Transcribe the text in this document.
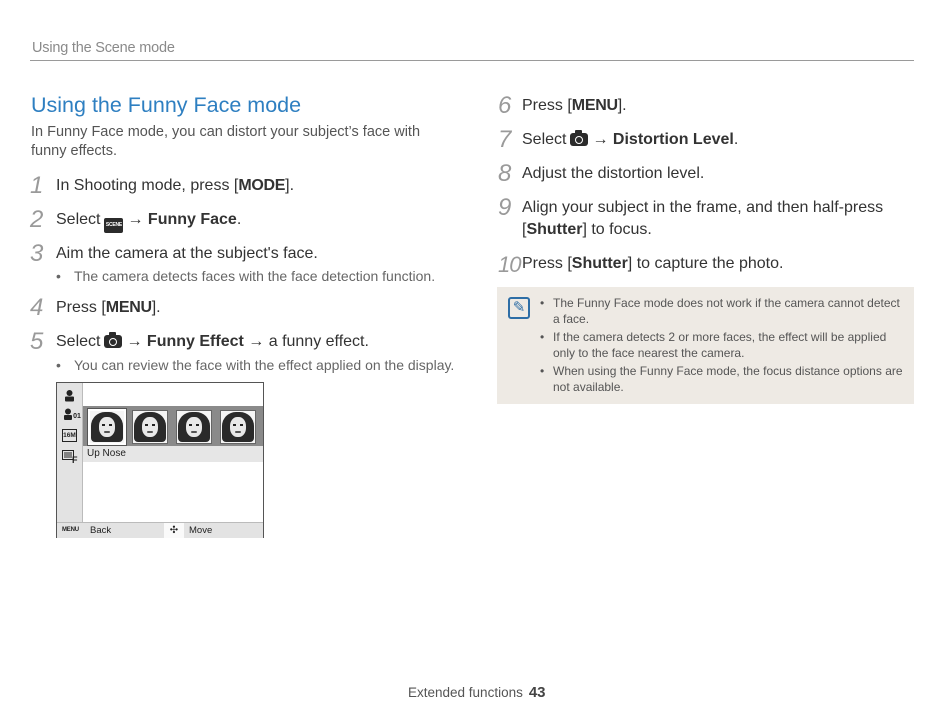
Using the Scene mode
Using the Funny Face mode
In Funny Face mode, you can distort your subject’s face with funny effects.
1 In Shooting mode, press [MODE].
2 Select SCENE → Funny Face.
3 Aim the camera at the subject's face.
• The camera detects faces with the face detection function.
4 Press [MENU].
5 Select → Funny Effect → a funny effect.
• You can review the face with the effect applied on the display.
01
16M
F
Up Nose
MENU Back	✣	Move
6 Press [MENU].
7 Select → Distortion Level.
8 Adjust the distortion level.
9 Align your subject in the frame, and then half-press
[Shutter] to focus.
10 Press [Shutter] to capture the photo.
✎	• The Funny Face mode does not work if the camera cannot detect a face.
• If the camera detects 2 or more faces, the effect will be applied only to the face nearest the camera.
• When using the Funny Face mode, the focus distance options are not available.
Extended functions 43
